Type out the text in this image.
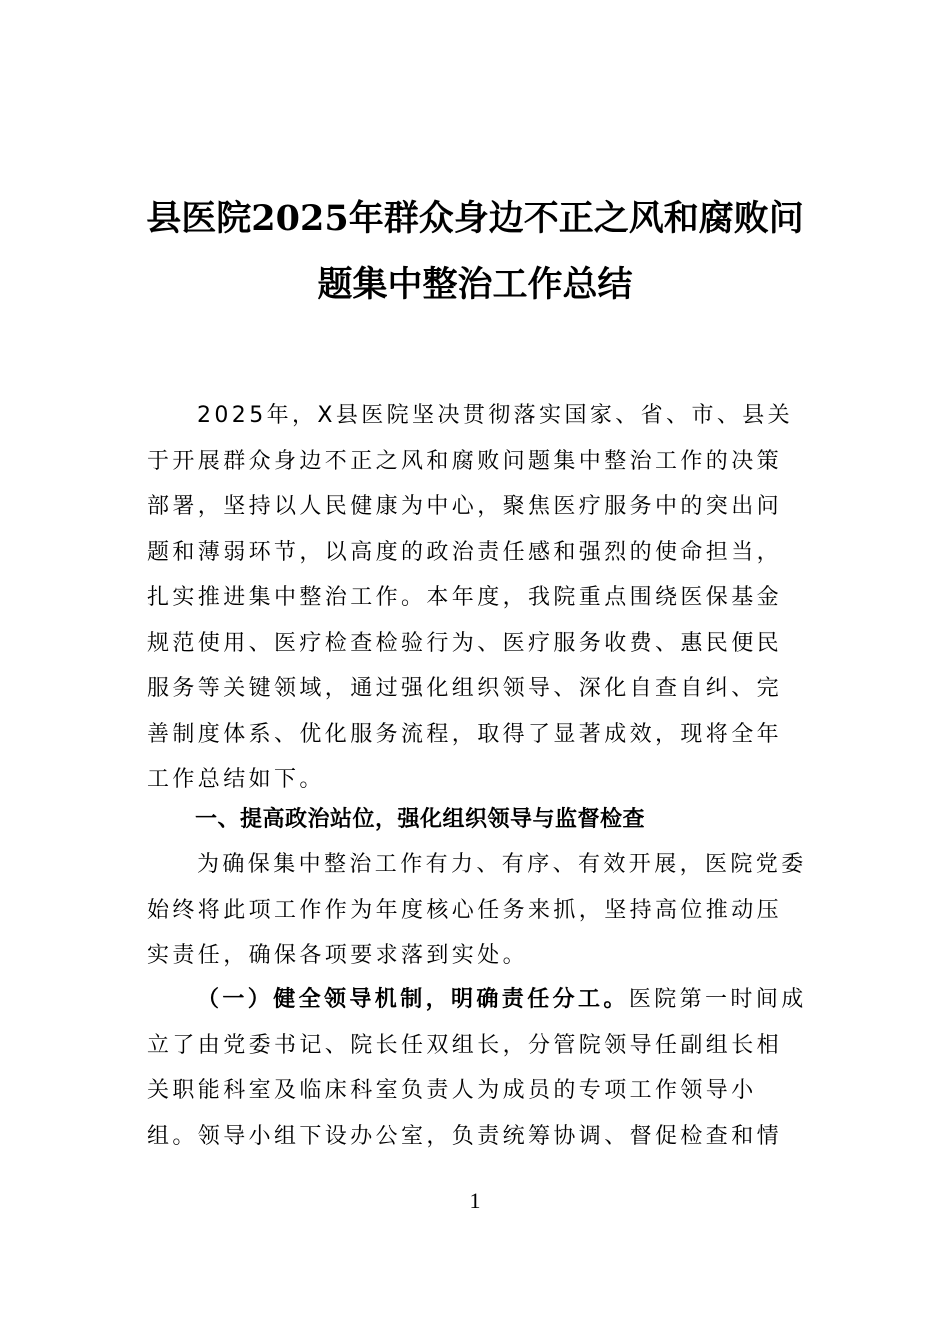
县医院2025年群众身边不正之风和腐败问
题集中整治工作总结

2025年，X县医院坚决贯彻落实国家、省、市、县关于开展群众身边不正之风和腐败问题集中整治工作的决策部署，坚持以人民健康为中心，聚焦医疗服务中的突出问题和薄弱环节，以高度的政治责任感和强烈的使命担当，扎实推进集中整治工作。本年度，我院重点围绕医保基金规范使用、医疗检查检验行为、医疗服务收费、惠民便民服务等关键领域，通过强化组织领导、深化自查自纠、完善制度体系、优化服务流程，取得了显著成效，现将全年工作总结如下。

一、提高政治站位，强化组织领导与监督检查

为确保集中整治工作有力、有序、有效开展，医院党委始终将此项工作作为年度核心任务来抓，坚持高位推动压实责任，确保各项要求落到实处。

（一）健全领导机制，明确责任分工。医院第一时间成立了由党委书记、院长任双组长，分管院领导任副组长相关职能科室及临床科室负责人为成员的专项工作领导小组。领导小组下设办公室，负责统筹协调、督促检查和情

1
